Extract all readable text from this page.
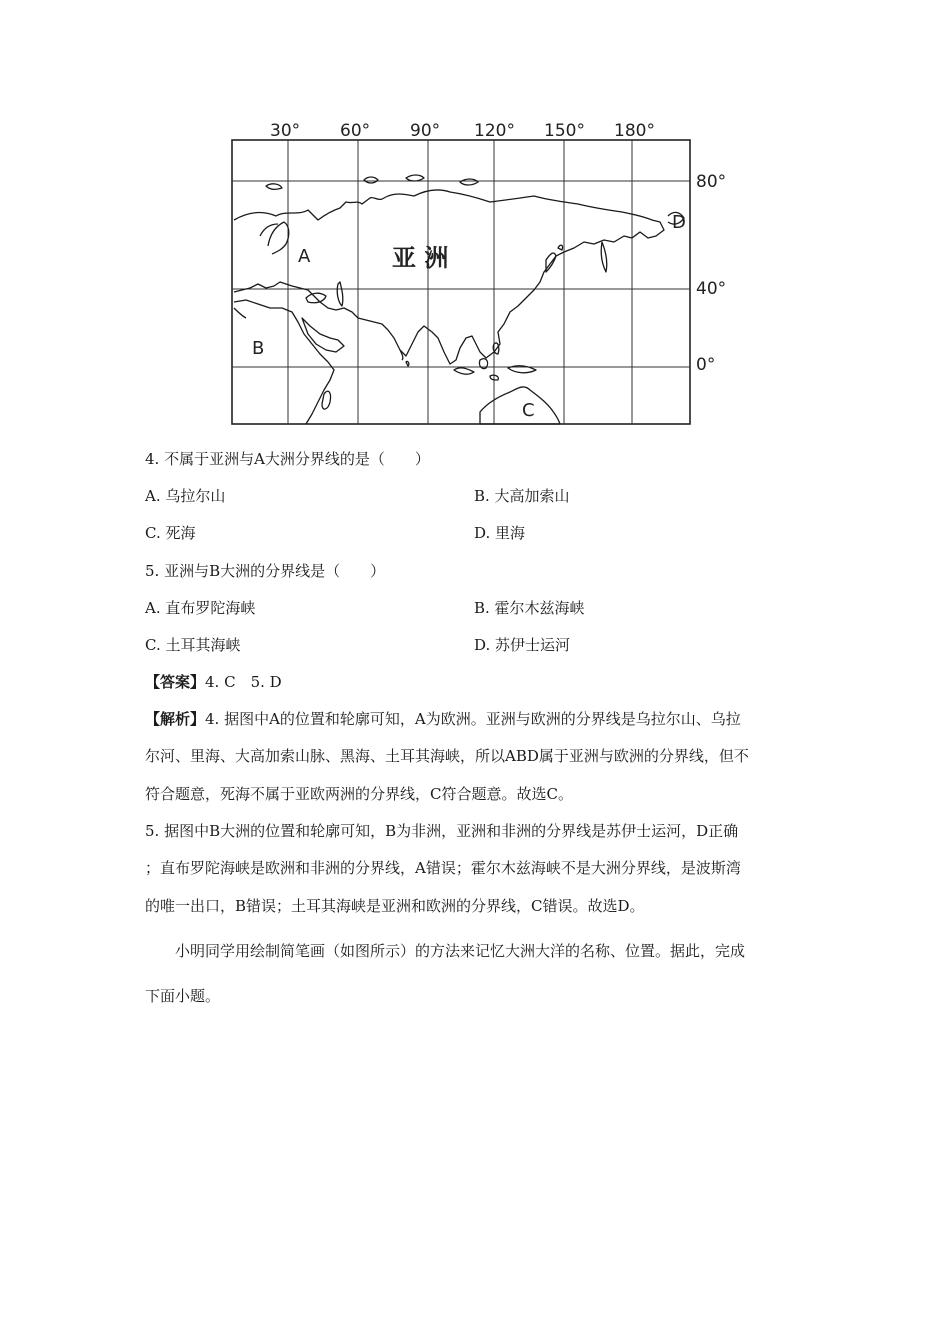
30° 60° 90° 120° 150° 180°
80°
40°
0°
A
B
C
D
亚 洲
4. 不属于亚洲与A大洲分界线的是（　　）
A. 乌拉尔山	B. 大高加索山
C. 死海	D. 里海
5. 亚洲与B大洲的分界线是（　　）
A. 直布罗陀海峡	B. 霍尔木兹海峡
C. 土耳其海峡	D. 苏伊士运河
【答案】4. C　5. D
【解析】4. 据图中A的位置和轮廓可知，A为欧洲。亚洲与欧洲的分界线是乌拉尔山、乌拉
尔河、里海、大高加索山脉、黑海、土耳其海峡，所以ABD属于亚洲与欧洲的分界线，但不
符合题意，死海不属于亚欧两洲的分界线，C符合题意。故选C。
5. 据图中B大洲的位置和轮廓可知，B为非洲，亚洲和非洲的分界线是苏伊士运河，D正确
；直布罗陀海峡是欧洲和非洲的分界线，A错误；霍尔木兹海峡不是大洲分界线，是波斯湾
的唯一出口，B错误；土耳其海峡是亚洲和欧洲的分界线，C错误。故选D。
小明同学用绘制简笔画（如图所示）的方法来记忆大洲大洋的名称、位置。据此，完成
下面小题。
